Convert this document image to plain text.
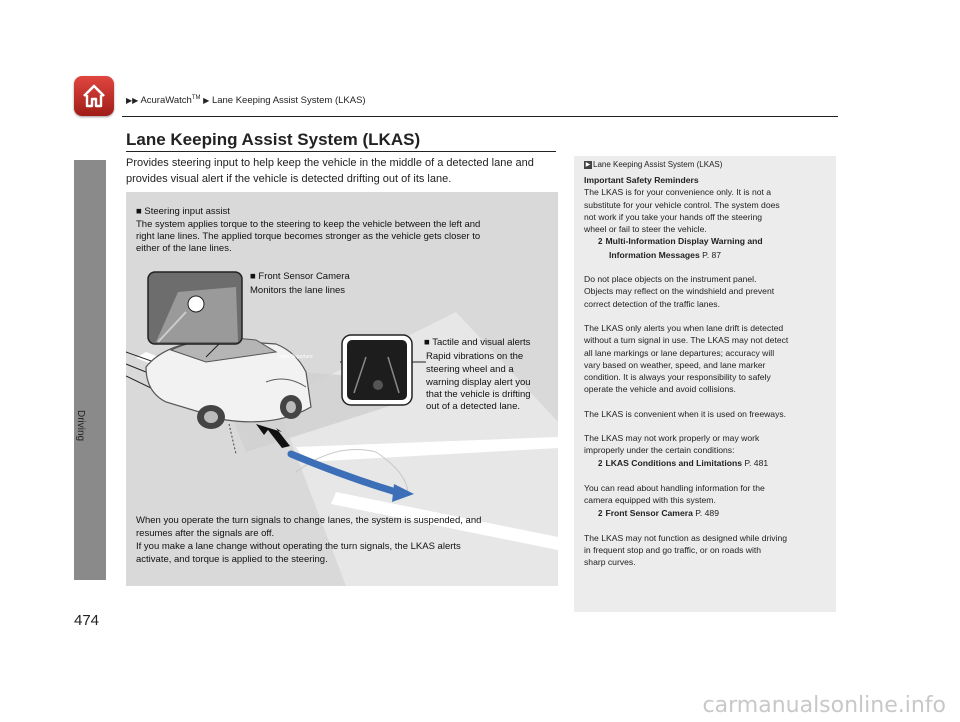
▶▶ AcuraWatch™ ▶ Lane Keeping Assist System (LKAS)
Driving
474
Lane Keeping Assist System (LKAS)
Provides steering input to help keep the vehicle in the middle of a detected lane and provides visual alert if the vehicle is detected drifting out of its lane.
Lane Departure
■ Steering input assist
The system applies torque to the steering to keep the vehicle between the left and
right lane lines. The applied torque becomes stronger as the vehicle gets closer to
either of the lane lines.
■ Front Sensor Camera
Monitors the lane lines
■ Tactile and visual alerts
Rapid vibrations on the
steering wheel and a
warning display alert you
that the vehicle is drifting
out of a detected lane.
When you operate the turn signals to change lanes, the system is suspended, and
resumes after the signals are off.
If you make a lane change without operating the turn signals, the LKAS alerts
activate, and torque is applied to the steering.
▶ Lane Keeping Assist System (LKAS)

Important Safety Reminders

The LKAS is for your convenience only. It is not a

substitute for your vehicle control. The system does

not work if you take your hands off the steering

wheel or fail to steer the vehicle.

2 Multi-Information Display Warning and

Information Messages P. 87

Do not place objects on the instrument panel.

Objects may reflect on the windshield and prevent

correct detection of the traffic lanes.

The LKAS only alerts you when lane drift is detected

without a turn signal in use. The LKAS may not detect

all lane markings or lane departures; accuracy will

vary based on weather, speed, and lane marker

condition. It is always your responsibility to safely

operate the vehicle and avoid collisions.

The LKAS is convenient when it is used on freeways.

The LKAS may not work properly or may work

improperly under the certain conditions:

2 LKAS Conditions and Limitations P. 481

You can read about handling information for the

camera equipped with this system.

2 Front Sensor Camera P. 489

The LKAS may not function as designed while driving

in frequent stop and go traffic, or on roads with

sharp curves.

carmanualsonline.info
